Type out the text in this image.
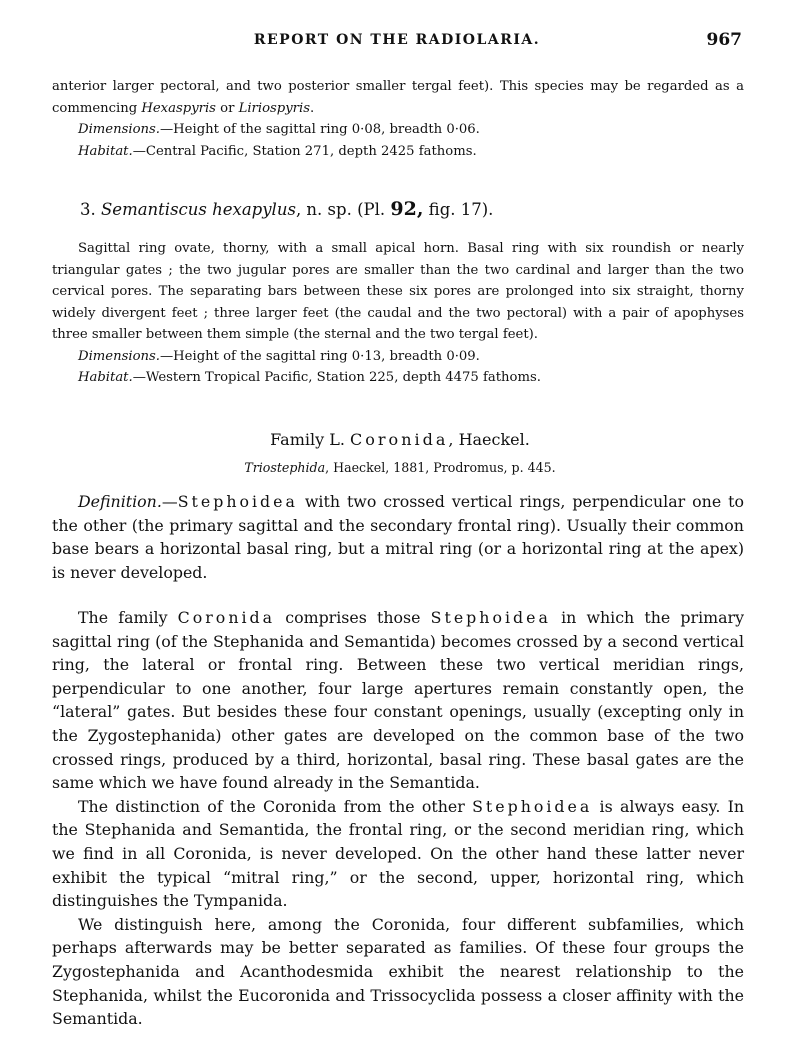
REPORT ON THE RADIOLARIA.	967

anterior larger pectoral, and two posterior smaller tergal feet). This species may be regarded as a commencing Hexaspyris or Liriospyris.

Dimensions.—Height of the sagittal ring 0·08, breadth 0·06.

Habitat.—Central Pacific, Station 271, depth 2425 fathoms.

3. Semantiscus hexapylus, n. sp. (Pl. 92, fig. 17).

Sagittal ring ovate, thorny, with a small apical horn. Basal ring with six roundish or nearly triangular gates ; the two jugular pores are smaller than the two cardinal and larger than the two cervical pores. The separating bars between these six pores are prolonged into six straight, thorny widely divergent feet ; three larger feet (the caudal and the two pectoral) with a pair of apophyses three smaller between them simple (the sternal and the two tergal feet).

Dimensions.—Height of the sagittal ring 0·13, breadth 0·09.

Habitat.—Western Tropical Pacific, Station 225, depth 4475 fathoms.

Family L. Coronida, Haeckel.
Triostephida, Haeckel, 1881, Prodromus, p. 445.

Definition.—Stephoidea with two crossed vertical rings, perpendicular one to the other (the primary sagittal and the secondary frontal ring). Usually their common base bears a horizontal basal ring, but a mitral ring (or a horizontal ring at the apex) is never developed.

The family Coronida comprises those Stephoidea in which the primary sagittal ring (of the Stephanida and Semantida) becomes crossed by a second vertical ring, the lateral or frontal ring. Between these two vertical meridian rings, perpendicular to one another, four large apertures remain constantly open, the “lateral” gates. But besides these four constant openings, usually (excepting only in the Zygostephanida) other gates are developed on the common base of the two crossed rings, produced by a third, horizontal, basal ring. These basal gates are the same which we have found already in the Semantida.

The distinction of the Coronida from the other Stephoidea is always easy. In the Stephanida and Semantida, the frontal ring, or the second meridian ring, which we find in all Coronida, is never developed. On the other hand these latter never exhibit the typical “mitral ring,” or the second, upper, horizontal ring, which distinguishes the Tympanida.

We distinguish here, among the Coronida, four different subfamilies, which perhaps afterwards may be better separated as families. Of these four groups the Zygostephanida and Acanthodesmida exhibit the nearest relationship to the Stephanida, whilst the Eucoronida and Trissocyclida possess a closer affinity with the Semantida.
